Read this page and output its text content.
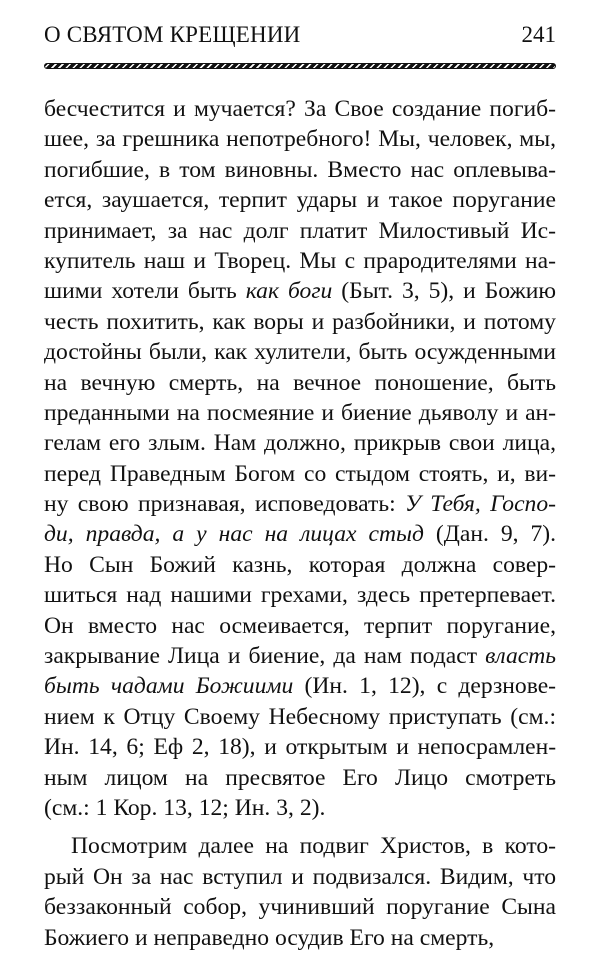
О СВЯТОМ КРЕЩЕНИИ	241
бесчестится и мучается? За Свое создание погиб-
шее, за грешника непотребного! Мы, человек, мы,
погибшие, в том виновны. Вместо нас оплевыва-
ется, заушается, терпит удары и такое поругание
принимает, за нас долг платит Милостивый Ис-
купитель наш и Творец. Мы с прародителями на-
шими хотели быть как боги (Быт. 3, 5), и Божию
честь похитить, как воры и разбойники, и потому
достойны были, как хулители, быть осужденными
на вечную смерть, на вечное поношение, быть
преданными на посмеяние и биение дьяволу и ан-
гелам его злым. Нам должно, прикрыв свои лица,
перед Праведным Богом со стыдом стоять, и, ви-
ну свою признавая, исповедовать: У Тебя, Госпо-
ди, правда, а у нас на лицах стыд (Дан. 9, 7).
Но Сын Божий казнь, которая должна совер-
шиться над нашими грехами, здесь претерпевает.
Он вместо нас осмеивается, терпит поругание,
закрывание Лица и биение, да нам подаст власть
быть чадами Божиими (Ин. 1, 12), с дерзнове-
нием к Отцу Своему Небесному приступать (см.:
Ин. 14, 6; Еф 2, 18), и открытым и непосрамлен-
ным лицом на пресвятое Его Лицо смотреть
(см.: 1 Кор. 13, 12; Ин. 3, 2).
Посмотрим далее на подвиг Христов, в кото-
рый Он за нас вступил и подвизался. Видим, что
беззаконный собор, учинивший поругание Сына
Божиего и неправедно осудив Его на смерть,
